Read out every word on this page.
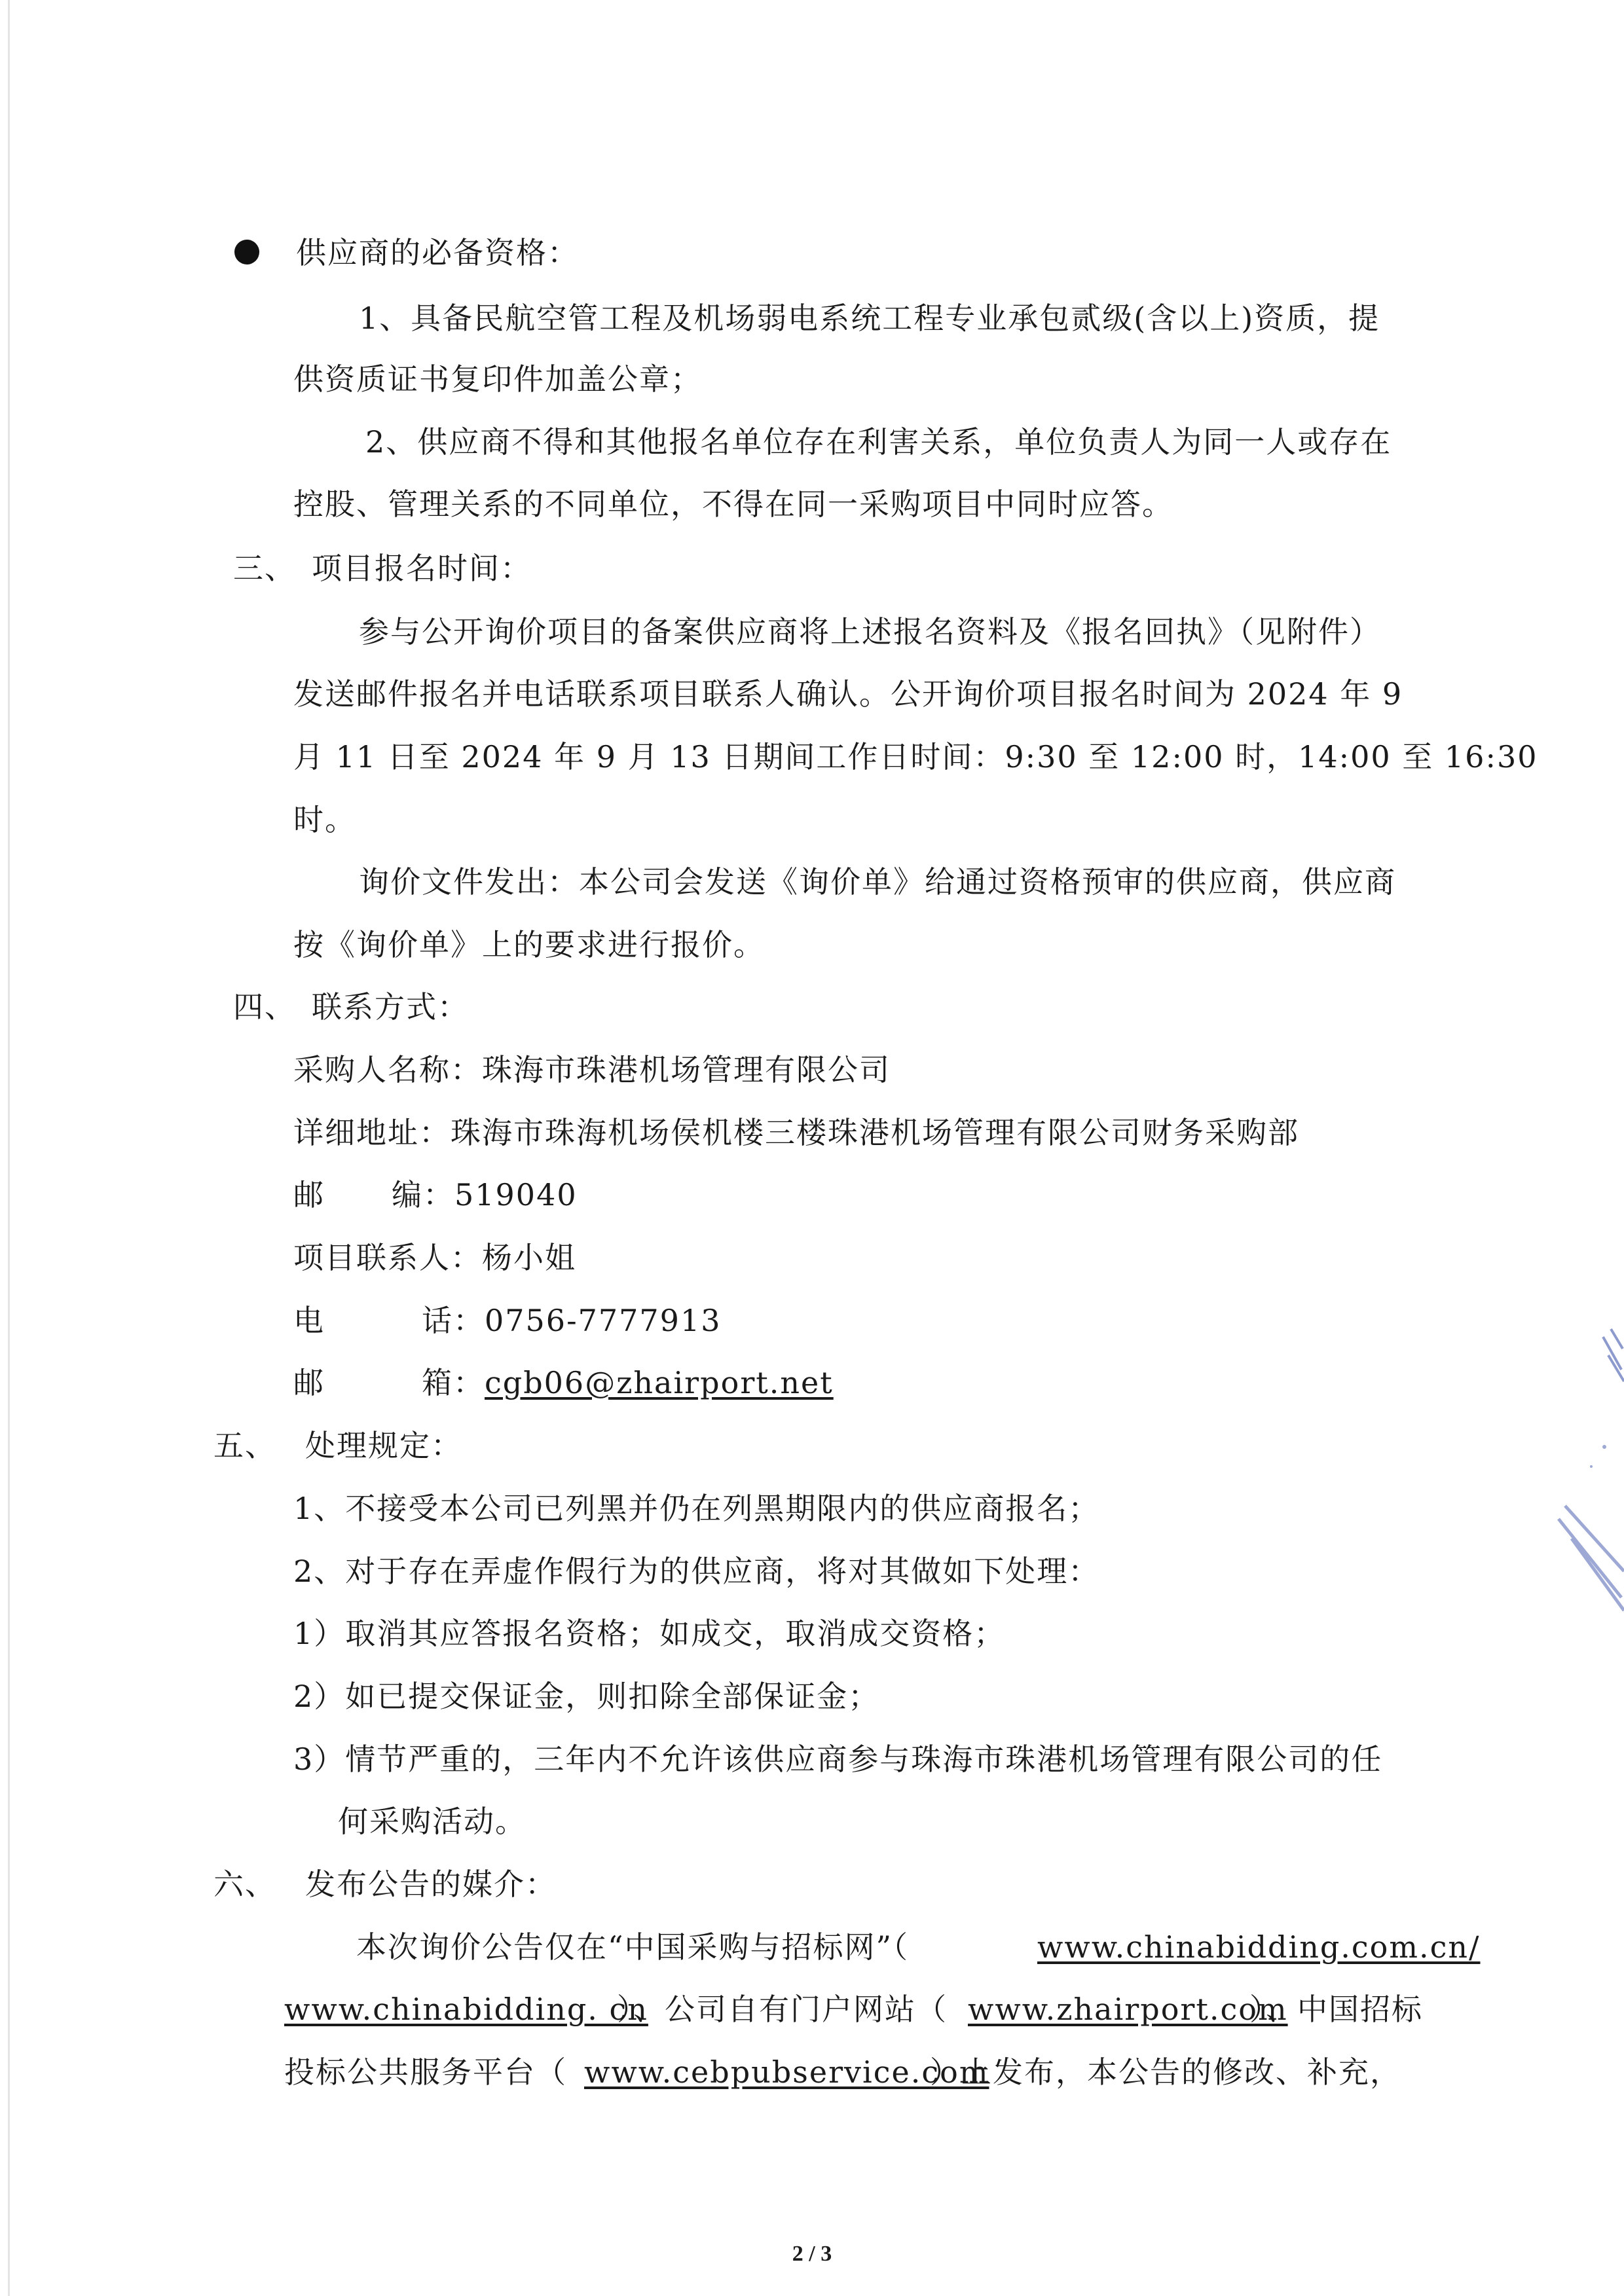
供应商的必备资格：
1、具备民航空管工程及机场弱电系统工程专业承包贰级(含以上)资质，提
供资质证书复印件加盖公章；
2、供应商不得和其他报名单位存在利害关系，单位负责人为同一人或存在
控股、管理关系的不同单位，不得在同一采购项目中同时应答。
三、 项目报名时间：
参与公开询价项目的备案供应商将上述报名资料及《报名回执》（见附件）
发送邮件报名并电话联系项目联系人确认。公开询价项目报名时间为 2024 年 9
月 11 日至 2024 年 9 月 13 日期间工作日时间：9:30 至 12:00 时，14:00 至 16:30
时。
询价文件发出：本公司会发送《询价单》给通过资格预审的供应商，供应商
按《询价单》上的要求进行报价。
四、 联系方式：
采购人名称：珠海市珠港机场管理有限公司
详细地址：珠海市珠海机场侯机楼三楼珠港机场管理有限公司财务采购部
邮 编：519040
项目联系人：杨小姐
电	话：0756-7777913
邮	箱： cgb06@zhairport.net
五、 处理规定：
1、不接受本公司已列黑并仍在列黑期限内的供应商报名；
2、对于存在弄虚作假行为的供应商，将对其做如下处理：
1）取消其应答报名资格；如成交，取消成交资格；
2）如已提交保证金，则扣除全部保证金；
3）情节严重的，三年内不允许该供应商参与珠海市珠港机场管理有限公司的任
何采购活动。
六、 发布公告的媒介：
本次询价公告仅在“中国采购与招标网”（	www.chinabidding.com.cn/
www.chinabidding. cn
）、公司自有门户网站（ www.zhairport.com
）、中国招标
投标公共服务平台（ www.cebpubservice.com
）上发布，本公告的修改、补充，
2 / 3
